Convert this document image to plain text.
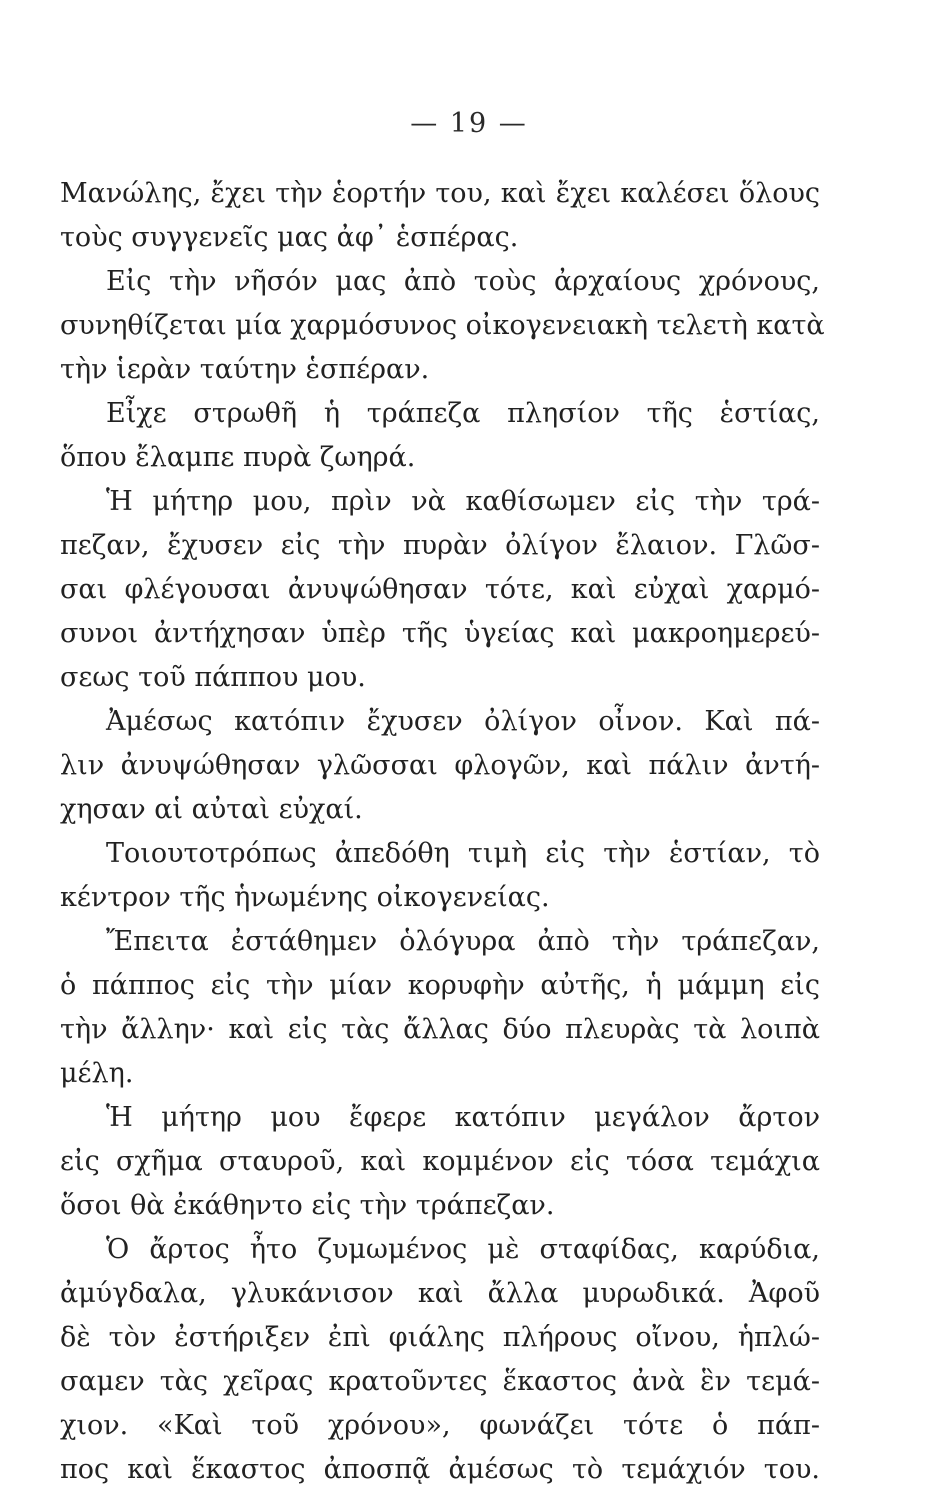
— 19 —
Μανώλης, ἔχει τὴν ἑορτήν του, καὶ ἔχει καλέσει ὅλους
τοὺς συγγενεῖς μας ἀφ᾽ ἑσπέρας.
Εἰς τὴν νῆσόν μας ἀπὸ τοὺς ἀρχαίους χρόνους,
συνηθίζεται μία χαρμόσυνος οἰκογενειακὴ τελετὴ κατὰ
τὴν ἱερὰν ταύτην ἑσπέραν.
Εἶχε στρωθῆ ἡ τράπεζα πλησίον τῆς ἑστίας,
ὅπου ἔλαμπε πυρὰ ζωηρά.
Ἡ μήτηρ μου, πρὶν νὰ καθίσωμεν εἰς τὴν τρά-
πεζαν, ἔχυσεν εἰς τὴν πυρὰν ὀλίγον ἔλαιον. Γλῶσ-
σαι φλέγουσαι ἀνυψώθησαν τότε, καὶ εὐχαὶ χαρμό-
συνοι ἀντήχησαν ὑπὲρ τῆς ὑγείας καὶ μακροημερεύ-
σεως τοῦ πάππου μου.
Ἀμέσως κατόπιν ἔχυσεν ὀλίγον οἶνον. Καὶ πά-
λιν ἀνυψώθησαν γλῶσσαι φλογῶν, καὶ πάλιν ἀντή-
χησαν αἱ αὐταὶ εὐχαί.
Τοιουτοτρόπως ἀπεδόθη τιμὴ εἰς τὴν ἑστίαν, τὸ
κέντρον τῆς ἡνωμένης οἰκογενείας.
Ἔπειτα ἐστάθημεν ὁλόγυρα ἀπὸ τὴν τράπεζαν,
ὁ πάππος εἰς τὴν μίαν κορυφὴν αὐτῆς, ἡ μάμμη εἰς
τὴν ἄλλην· καὶ εἰς τὰς ἄλλας δύο πλευρὰς τὰ λοιπὰ
μέλη.
Ἡ μήτηρ μου ἔφερε κατόπιν μεγάλον ἄρτον
εἰς σχῆμα σταυροῦ, καὶ κομμένον εἰς τόσα τεμάχια
ὅσοι θὰ ἐκάθηντο εἰς τὴν τράπεζαν.
Ὁ ἄρτος ἦτο ζυμωμένος μὲ σταφίδας, καρύδια,
ἀμύγδαλα, γλυκάνισον καὶ ἄλλα μυρωδικά. Ἀφοῦ
δὲ τὸν ἐστήριξεν ἐπὶ φιάλης πλήρους οἴνου, ἡπλώ-
σαμεν τὰς χεῖρας κρατοῦντες ἕκαστος ἀνὰ ἓν τεμά-
χιον. «Καὶ τοῦ χρόνου», φωνάζει τότε ὁ πάπ-
πος καὶ ἕκαστος ἀποσπᾷ ἀμέσως τὸ τεμάχιόν του.
